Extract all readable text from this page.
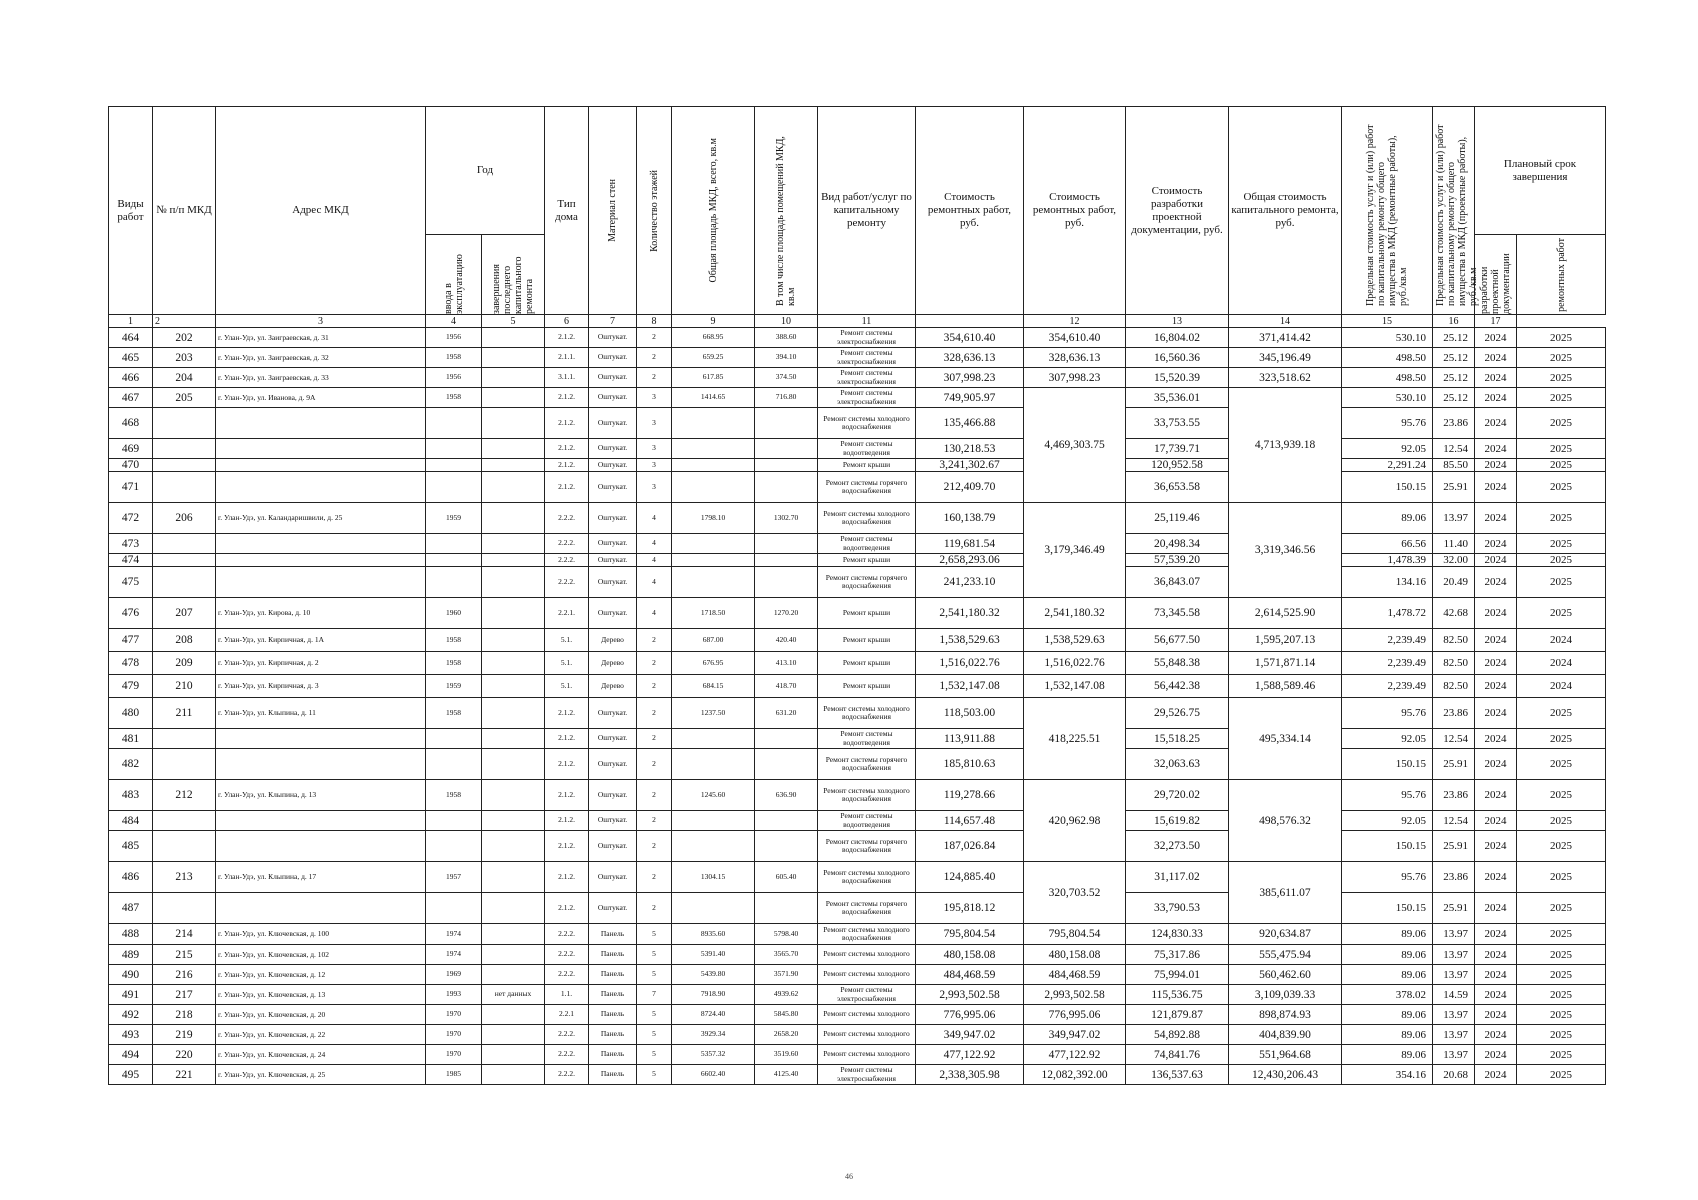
Виды работ	№ п/п МКД	Адрес МКД	Год		Тип дома	Материал стен	Количество этажей	Общая площадь МКД, всего, кв.м	В том числе площадь помещений МКД, кв.м	Вид работ/услуг по капитальному ремонту	Стоимость ремонтных работ, руб.	Стоимость ремонтных работ, руб.	Стоимость разработки проектной документации, руб.	Общая стоимость капитального ремонта, руб.	Предельная стоимость услуг и (или) работ по капитальному ремонту общего имущества в МКД (ремонтные работы), руб./кв.м	Предельная стоимость услуг и (или) работ по капитальному ремонту общего имущества в МКД (проектные работы), руб./кв.м	Плановый срок завершения	

			ввода в эксплуатацию	завершения последнего капитального ремонта													разработки проектной документации	ремонтных работ

1	2	3	4	5	6	7	8	9	10	11		12	13	14	15	16	17	
464	202	г. Улан-Удэ, ул. Заиграевская, д. 31	1956		2.1.2.	Оштукат.	2	668.95	388.60	Ремонт системы электроснабжения	354,610.40	354,610.40	16,804.02	371,414.42	530.10	25.12	2024	2025
465	203	г. Улан-Удэ, ул. Заиграевская, д. 32	1958		2.1.1.	Оштукат.	2	659.25	394.10	Ремонт системы электроснабжения	328,636.13	328,636.13	16,560.36	345,196.49	498.50	25.12	2024	2025
466	204	г. Улан-Удэ, ул. Заиграевская, д. 33	1956		3.1.1.	Оштукат.	2	617.85	374.50	Ремонт системы электроснабжения	307,998.23	307,998.23	15,520.39	323,518.62	498.50	25.12	2024	2025
467	205	г. Улан-Удэ, ул. Иванова, д. 9А	1958		2.1.2.	Оштукат.	3	1414.65	716.80	Ремонт системы электроснабжения	749,905.97	4,469,303.75	35,536.01	4,713,939.18	530.10	25.12	2024	2025
468					2.1.2.	Оштукат.	3			Ремонт системы холодного водоснабжения	135,466.88		33,753.55		95.76	23.86	2024	2025
469					2.1.2.	Оштукат.	3			Ремонт системы водоотведения	130,218.53		17,739.71		92.05	12.54	2024	2025
470					2.1.2.	Оштукат.	3			Ремонт крыши	3,241,302.67		120,952.58		2,291.24	85.50	2024	2025
471					2.1.2.	Оштукат.	3			Ремонт системы горячего водоснабжения	212,409.70		36,653.58		150.15	25.91	2024	2025
472	206	г. Улан-Удэ, ул. Каландаришвили, д. 25	1959		2.2.2.	Оштукат.	4	1798.10	1302.70	Ремонт системы холодного водоснабжения	160,138.79	3,179,346.49	25,119.46	3,319,346.56	89.06	13.97	2024	2025
473					2.2.2.	Оштукат.	4			Ремонт системы водоотведения	119,681.54		20,498.34		66.56	11.40	2024	2025
474					2.2.2.	Оштукат.	4			Ремонт крыши	2,658,293.06		57,539.20		1,478.39	32.00	2024	2025
475					2.2.2.	Оштукат.	4			Ремонт системы горячего водоснабжения	241,233.10		36,843.07		134.16	20.49	2024	2025
476	207	г. Улан-Удэ, ул. Кирова, д. 10	1960		2.2.1.	Оштукат.	4	1718.50	1270.20	Ремонт крыши	2,541,180.32	2,541,180.32	73,345.58	2,614,525.90	1,478.72	42.68	2024	2025
477	208	г. Улан-Удэ, ул. Кирпичная, д. 1А	1958		5.1.	Дерево	2	687.00	420.40	Ремонт крыши	1,538,529.63	1,538,529.63	56,677.50	1,595,207.13	2,239.49	82.50	2024	2024
478	209	г. Улан-Удэ, ул. Кирпичная, д. 2	1958		5.1.	Дерево	2	676.95	413.10	Ремонт крыши	1,516,022.76	1,516,022.76	55,848.38	1,571,871.14	2,239.49	82.50	2024	2024
479	210	г. Улан-Удэ, ул. Кирпичная, д. 3	1959		5.1.	Дерево	2	684.15	418.70	Ремонт крыши	1,532,147.08	1,532,147.08	56,442.38	1,588,589.46	2,239.49	82.50	2024	2024
480	211	г. Улан-Удэ, ул. Клыпина, д. 11	1958		2.1.2.	Оштукат.	2	1237.50	631.20	Ремонт системы холодного водоснабжения	118,503.00	418,225.51	29,526.75	495,334.14	95.76	23.86	2024	2025
481					2.1.2.	Оштукат.	2			Ремонт системы водоотведения	113,911.88		15,518.25		92.05	12.54	2024	2025
482					2.1.2.	Оштукат.	2			Ремонт системы горячего водоснабжения	185,810.63		32,063.63		150.15	25.91	2024	2025
483	212	г. Улан-Удэ, ул. Клыпина, д. 13	1958		2.1.2.	Оштукат.	2	1245.60	636.90	Ремонт системы холодного водоснабжения	119,278.66	420,962.98	29,720.02	498,576.32	95.76	23.86	2024	2025
484					2.1.2.	Оштукат.	2			Ремонт системы водоотведения	114,657.48		15,619.82		92.05	12.54	2024	2025
485					2.1.2.	Оштукат.	2			Ремонт системы горячего водоснабжения	187,026.84		32,273.50		150.15	25.91	2024	2025
486	213	г. Улан-Удэ, ул. Клыпина, д. 17	1957		2.1.2.	Оштукат.	2	1304.15	605.40	Ремонт системы холодного водоснабжения	124,885.40	320,703.52	31,117.02	385,611.07	95.76	23.86	2024	2025
487					2.1.2.	Оштукат.	2			Ремонт системы горячего водоснабжения	195,818.12		33,790.53		150.15	25.91	2024	2025
488	214	г. Улан-Удэ, ул. Ключевская, д. 100	1974		2.2.2.	Панель	5	8935.60	5798.40	Ремонт системы холодного водоснабжения	795,804.54	795,804.54	124,830.33	920,634.87	89.06	13.97	2024	2025
489	215	г. Улан-Удэ, ул. Ключевская, д. 102	1974		2.2.2.	Панель	5	5391.40	3565.70	Ремонт системы холодного	480,158.08	480,158.08	75,317.86	555,475.94	89.06	13.97	2024	2025
490	216	г. Улан-Удэ, ул. Ключевская, д. 12	1969		2.2.2.	Панель	5	5439.80	3571.90	Ремонт системы холодного	484,468.59	484,468.59	75,994.01	560,462.60	89.06	13.97	2024	2025
491	217	г. Улан-Удэ, ул. Ключевская, д. 13	1993	нет данных	1.1.	Панель	7	7918.90	4939.62	Ремонт системы электроснабжения	2,993,502.58	2,993,502.58	115,536.75	3,109,039.33	378.02	14.59	2024	2025
492	218	г. Улан-Удэ, ул. Ключевская, д. 20	1970		2.2.1	Панель	5	8724.40	5845.80	Ремонт системы холодного	776,995.06	776,995.06	121,879.87	898,874.93	89.06	13.97	2024	2025
493	219	г. Улан-Удэ, ул. Ключевская, д. 22	1970		2.2.2.	Панель	5	3929.34	2658.20	Ремонт системы холодного	349,947.02	349,947.02	54,892.88	404,839.90	89.06	13.97	2024	2025
494	220	г. Улан-Удэ, ул. Ключевская, д. 24	1970		2.2.2.	Панель	5	5357.32	3519.60	Ремонт системы холодного	477,122.92	477,122.92	74,841.76	551,964.68	89.06	13.97	2024	2025
495	221	г. Улан-Удэ, ул. Ключевская, д. 25	1985		2.2.2.	Панель	5	6602.40	4125.40	Ремонт системы электроснабжения	2,338,305.98	12,082,392.00	136,537.63	12,430,206.43	354.16	20.68	2024	2025
46
